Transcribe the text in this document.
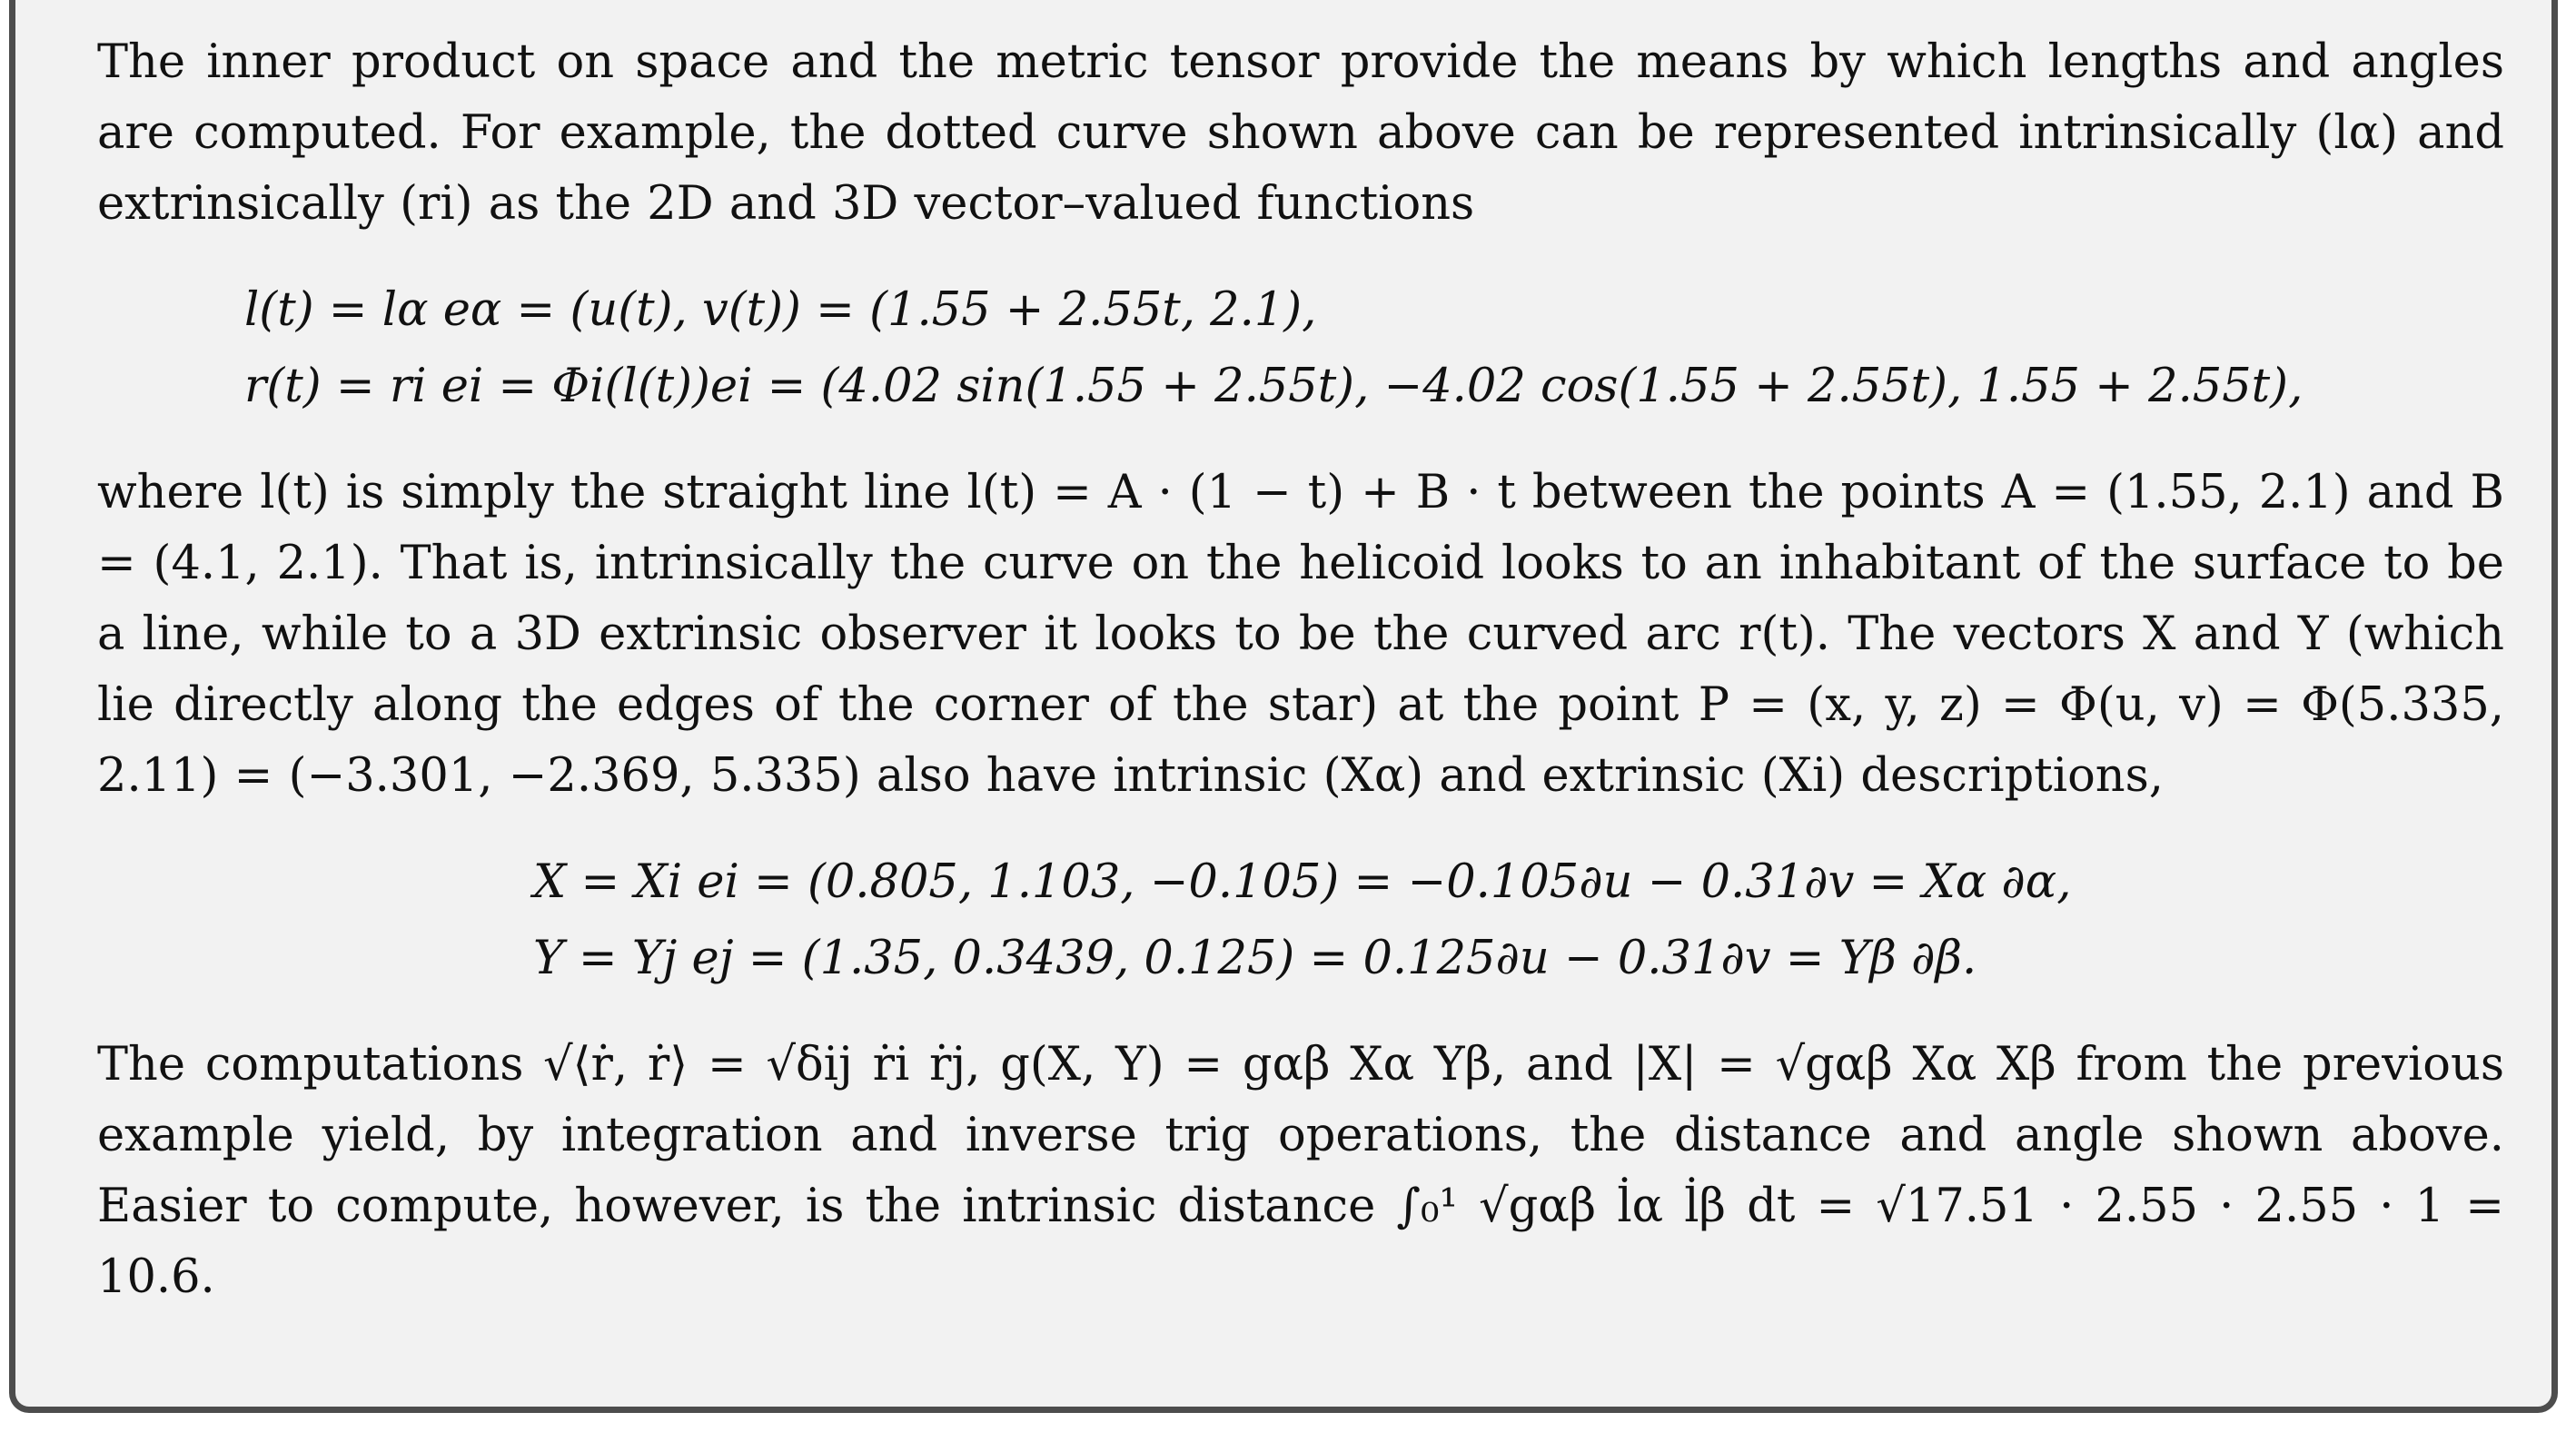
The inner product on space and the metric tensor provide the means by which lengths and angles are computed. For example, the dotted curve shown above can be represented intrinsically (lα) and extrinsically (ri) as the 2D and 3D vector–valued functions

l(t) = lα eα = (u(t), v(t)) = (1.55 + 2.55t, 2.1),
r(t) = ri ei = Φi(l(t))ei = (4.02 sin(1.55 + 2.55t), −4.02 cos(1.55 + 2.55t), 1.55 + 2.55t),

where l(t) is simply the straight line l(t) = A · (1 − t) + B · t between the points A = (1.55, 2.1) and B = (4.1, 2.1). That is, intrinsically the curve on the helicoid looks to an inhabitant of the surface to be a line, while to a 3D extrinsic observer it looks to be the curved arc r(t). The vectors X and Y (which lie directly along the edges of the corner of the star) at the point P = (x, y, z) = Φ(u, v) = Φ(5.335, 2.11) = (−3.301, −2.369, 5.335) also have intrinsic (Xα) and extrinsic (Xi) descriptions,

X = Xi ei = (0.805, 1.103, −0.105) = −0.105∂u − 0.31∂v = Xα ∂α,
Y = Yj ej = (1.35, 0.3439, 0.125) = 0.125∂u − 0.31∂v = Yβ ∂β.

The computations √⟨ṙ, ṙ⟩ = √δij ṙi ṙj, g(X, Y) = gαβ Xα Yβ, and |X| = √gαβ Xα Xβ from the previous example yield, by integration and inverse trig operations, the distance and angle shown above. Easier to compute, however, is the intrinsic distance ∫₀¹ √gαβ l̇α l̇β dt = √17.51 · 2.55 · 2.55 · 1 = 10.6.
